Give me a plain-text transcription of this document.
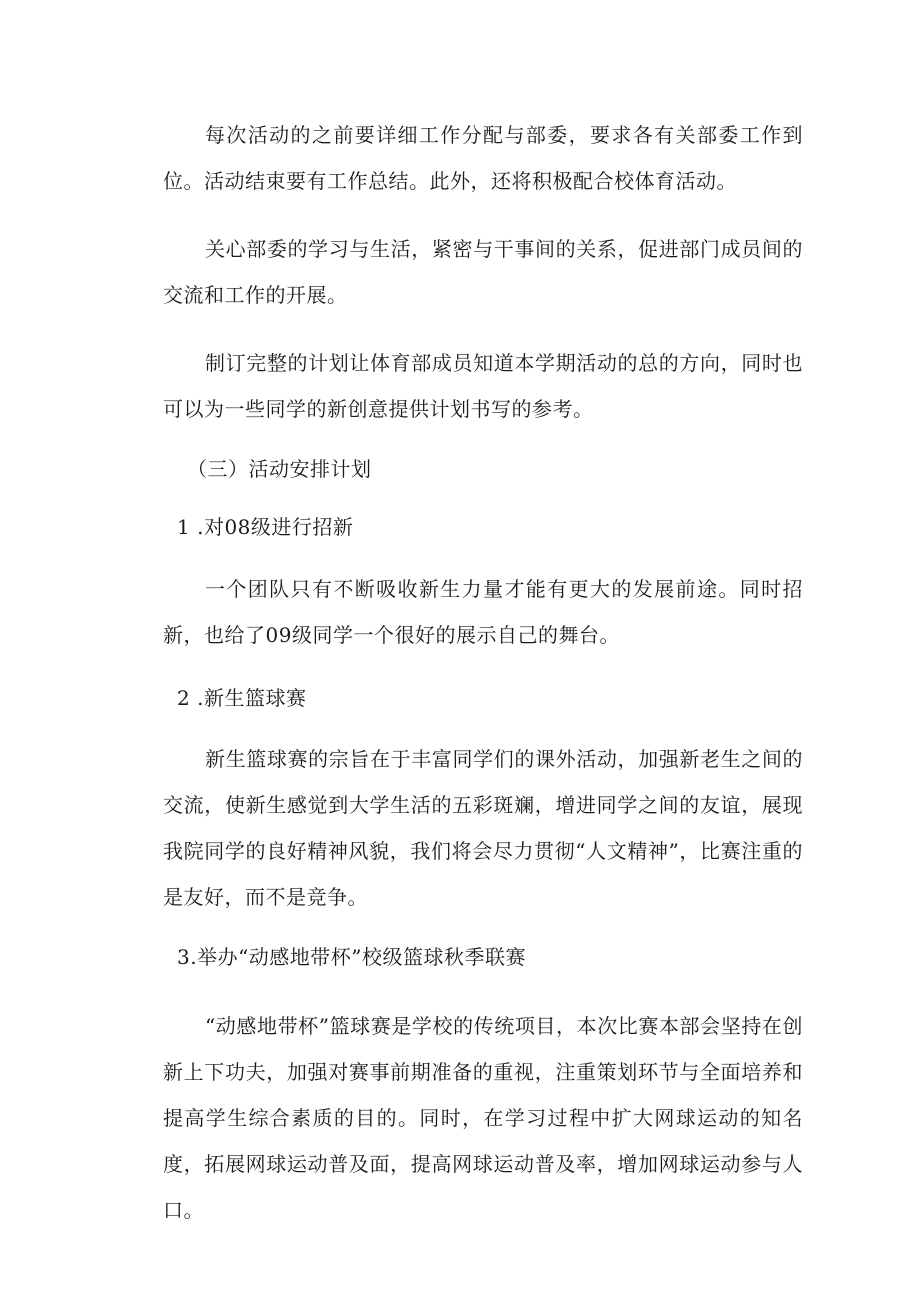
每次活动的之前要详细工作分配与部委，要求各有关部委工作到位。活动结束要有工作总结。此外，还将积极配合校体育活动。

关心部委的学习与生活，紧密与干事间的关系，促进部门成员间的交流和工作的开展。

制订完整的计划让体育部成员知道本学期活动的总的方向，同时也可以为一些同学的新创意提供计划书写的参考。

（三）活动安排计划
1 .对08级进行招新

一个团队只有不断吸收新生力量才能有更大的发展前途。同时招新，也给了09级同学一个很好的展示自己的舞台。

2 .新生篮球赛

新生篮球赛的宗旨在于丰富同学们的课外活动，加强新老生之间的交流，使新生感觉到大学生活的五彩斑斓，增进同学之间的友谊，展现我院同学的良好精神风貌，我们将会尽力贯彻“人文精神”，比赛注重的是友好，而不是竞争。

3.举办“动感地带杯”校级篮球秋季联赛

“动感地带杯”篮球赛是学校的传统项目，本次比赛本部会坚持在创新上下功夫，加强对赛事前期准备的重视，注重策划环节与全面培养和提高学生综合素质的目的。同时，在学习过程中扩大网球运动的知名度，拓展网球运动普及面，提高网球运动普及率，增加网球运动参与人口。
